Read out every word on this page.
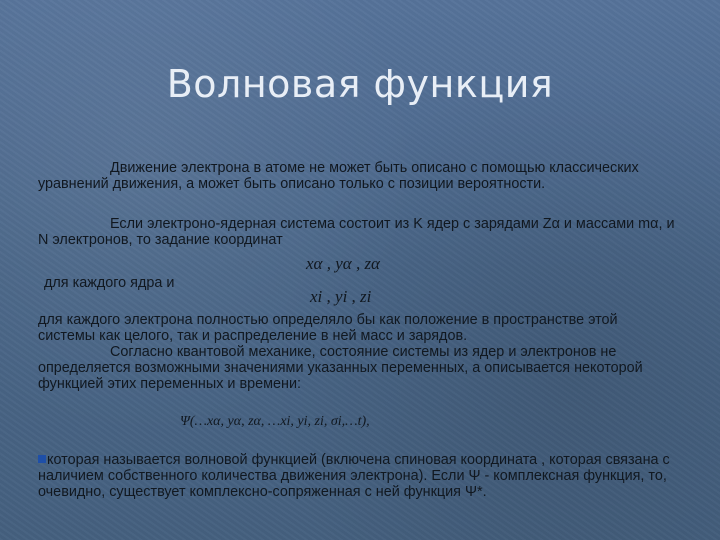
Волновая функция
Движение электрона в атоме не может быть описано с помощью классических уравнений движения, а может быть описано только с позиции вероятности.
Если электроно-ядерная система состоит из K ядер с зарядами Zα и массами mα, и N электронов, то задание координат
xα , yα , zα
для каждого ядра и
xi , yi , zi
для каждого электрона полностью определяло бы как положение в пространстве этой системы как целого, так и распределение в ней масс и зарядов.
Согласно квантовой механике, состояние системы из ядер и электронов не определяется возможными значениями указанных переменных, а описывается некоторой функцией этих переменных и времени:
Ψ(…xα, yα, zα, …xi, yi, zi, σi,…t),
которая называется волновой функцией (включена спиновая координата , которая связана с наличием собственного количества движения электрона). Если Ψ - комплексная функция, то, очевидно, существует комплексно-сопряженная с ней функция Ψ*.
